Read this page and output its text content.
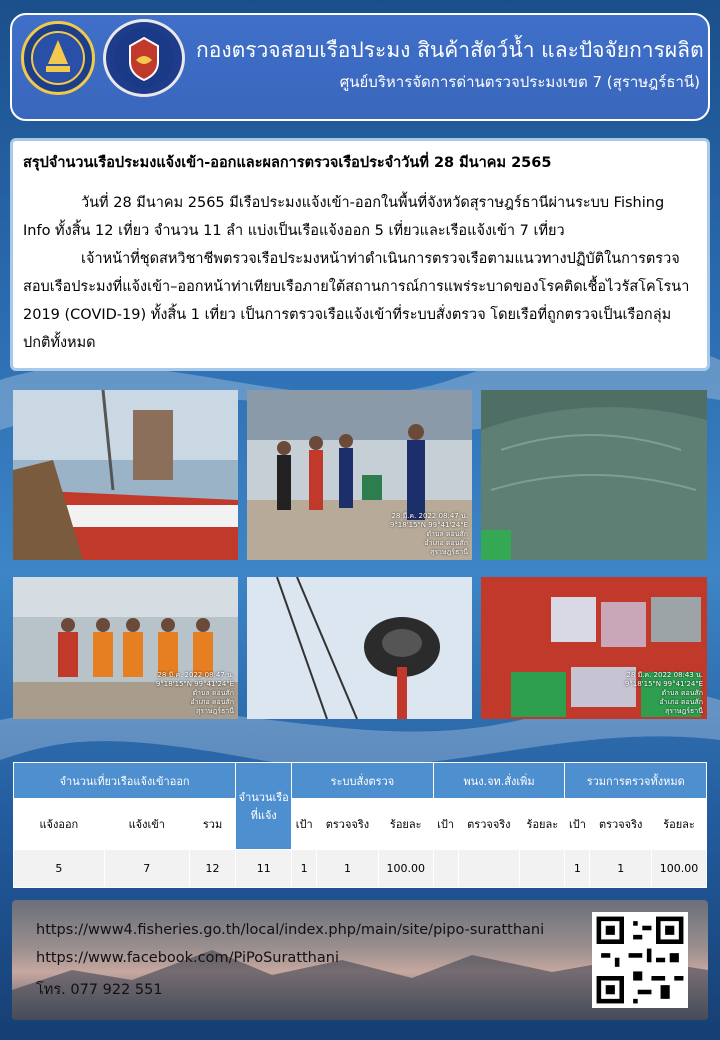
กองตรวจสอบเรือประมง สินค้าสัตว์น้ำ และปัจจัยการผลิต
ศูนย์บริหารจัดการด่านตรวจประมงเขต 7 (สุราษฎร์ธานี)
สรุปจำนวนเรือประมงแจ้งเข้า-ออกและผลการตรวจเรือประจำวันที่ 28 มีนาคม 2565
วันที่ 28 มีนาคม 2565 มีเรือประมงแจ้งเข้า-ออกในพื้นที่จังหวัดสุราษฎร์ธานีผ่านระบบ Fishing Info ทั้งสิ้น 12 เที่ยว จำนวน 11 ลำ แบ่งเป็นเรือแจ้งออก 5 เที่ยวและเรือแจ้งเข้า 7 เที่ยว
เจ้าหน้าที่ชุดสหวิชาชีพตรวจเรือประมงหน้าท่าดำเนินการตรวจเรือตามแนวทางปฏิบัติในการตรวจสอบเรือประมงที่แจ้งเข้า–ออกหน้าท่าเทียบเรือภายใต้สถานการณ์การแพร่ระบาดของโรคติดเชื้อไวรัสโคโรนา 2019 (COVID-19) ทั้งสิ้น 1 เที่ยว เป็นการตรวจเรือแจ้งเข้าที่ระบบสั่งตรวจ โดยเรือที่ถูกตรวจเป็นเรือกลุ่มปกติทั้งหมด
28 มี.ค. 2022 08:47 น.
9°18'15"N 99°41'24"E
ตำบล ดอนสัก
อำเภอ ดอนสัก
สุราษฎร์ธานี
28 มี.ค. 2022 08:47 น.
9°18'15"N 99°41'24"E
ตำบล ดอนสัก
อำเภอ ดอนสัก
สุราษฎร์ธานี
28 มี.ค. 2022 08:43 น.
9°18'15"N 99°41'24"E
ตำบล ดอนสัก
อำเภอ ดอนสัก
สุราษฎร์ธานี
จำนวนเที่ยวเรือแจ้งเข้าออก			จำนวนเรือที่แจ้ง	ระบบสั่งตรวจ			พนง.จท.สั่งเพิ่ม			รวมการตรวจทั้งหมด		
แจ้งออก	แจ้งเข้า	รวม		เป้า	ตรวจจริง	ร้อยละ	เป้า	ตรวจจริง	ร้อยละ	เป้า	ตรวจจริง	ร้อยละ
5	7	12	11	1	1	100.00				1	1	100.00
https://www4.fisheries.go.th/local/index.php/main/site/pipo-suratthani
https://www.facebook.com/PiPoSuratthani
โทร. 077 922 551
